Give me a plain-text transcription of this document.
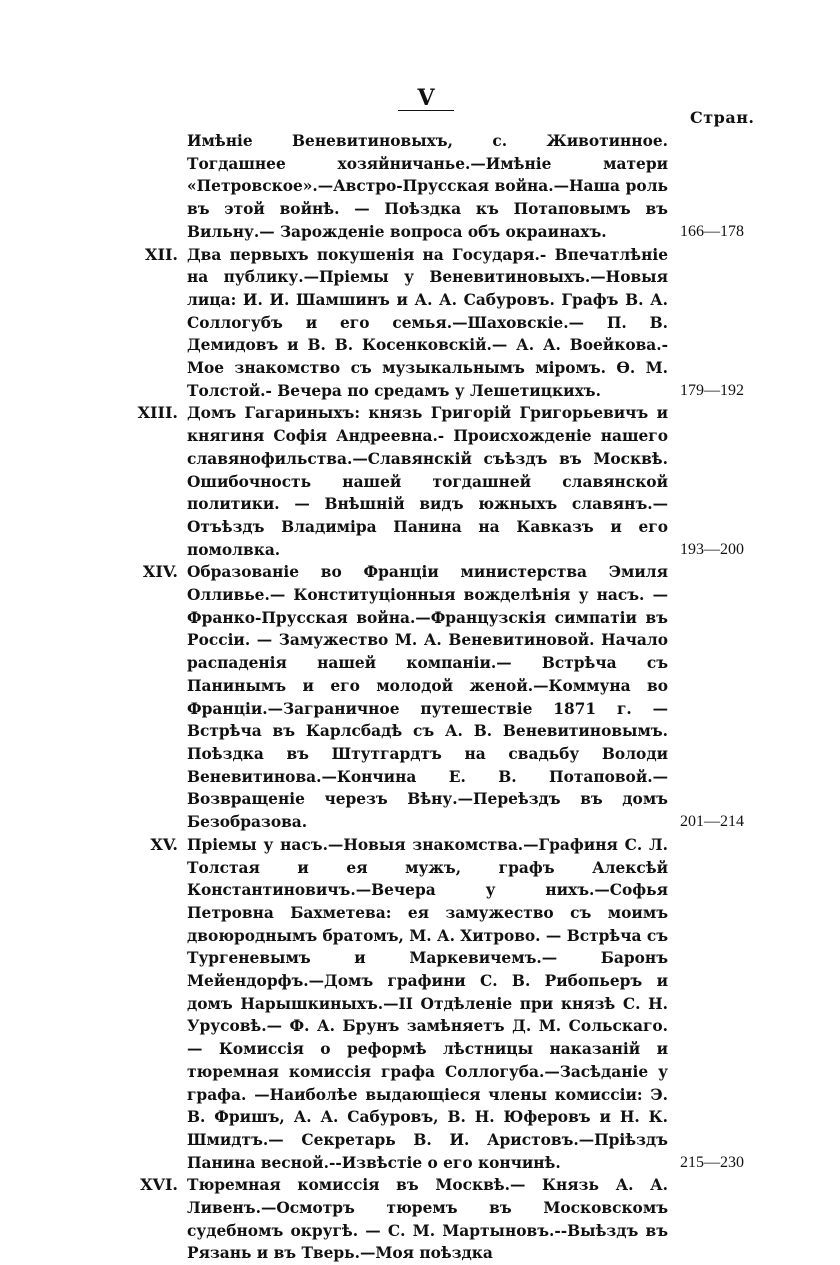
V
Стран.
Имѣніе Веневитиновыхъ, с. Животинное. Тогдашнее хозяйничанье.—Имѣніе матери «Петровское».—Австро-Прусская война.—Наша роль въ этой войнѣ. — Поѣздка къ Потаповымъ въ Вильну.— Зарожденіе вопроса объ окраинахъ.	166—178
XII. Два первыхъ покушенія на Государя.- Впечатлѣніе на публику.—Пріемы у Веневитиновыхъ.—Новыя лица: И. И. Шамшинъ и А. А. Сабуровъ. Графъ В. А. Соллогубъ и его семья.—Шаховскіе.— П. В. Демидовъ и В. В. Косенковскій.— А. А. Воейкова.- Мое знакомство съ музыкальнымъ міромъ. Ѳ. М. Толстой.- Вечера по средамъ у Лешетицкихъ.	179—192
XIII. Домъ Гагариныхъ: князь Григорій Григорьевичъ и княгиня Софія Андреевна.- Происхожденіе нашего славянофильства.—Славянскій съѣздъ въ Москвѣ. Ошибочность нашей тогдашней славянской политики. — Внѣшній видъ южныхъ славянъ.—Отъѣздъ Владиміра Панина на Кавказъ и его помолвка.	193—200
XIV. Образованіе во Франціи министерства Эмиля Олливье.— Конституціонныя вожделѣнія у насъ. — Франко-Прусская война.—Французскія симпатіи въ Россіи. — Замужество М. А. Веневитиновой. Начало распаденія нашей компаніи.— Встрѣча съ Панинымъ и его молодой женой.—Коммуна во Франціи.—Заграничное путешествіе 1871 г. —Встрѣча въ Карлсбадѣ съ А. В. Веневитиновымъ. Поѣздка въ Штутгардтъ на свадьбу Володи Веневитинова.—Кончина Е. В. Потаповой.—Возвращеніе черезъ Вѣну.—Переѣздъ въ домъ Безобразова.	201—214
XV. Пріемы у насъ.—Новыя знакомства.—Графиня С. Л. Толстая и ея мужъ, графъ Алексѣй Константиновичъ.—Вечера у нихъ.—Софья Петровна Бахметева: ея замужество съ моимъ двоюроднымъ братомъ, М. А. Хитрово. — Встрѣча съ Тургеневымъ и Маркевичемъ.— Баронъ Мейендорфъ.—Домъ графини С. В. Рибопьеръ и домъ Нарышкиныхъ.—II Отдѣленіе при князѣ С. Н. Урусовѣ.— Ф. А. Брунъ замѣняетъ Д. М. Сольскаго.— Комиссія о реформѣ лѣстницы наказаній и тюремная комиссія графа Соллогуба.—Засѣданіе у графа. —Наиболѣе выдающіеся члены комиссіи: Э. В. Фришъ, А. А. Сабуровъ, В. Н. Юферовъ и Н. К. Шмидтъ.— Секретарь В. И. Аристовъ.—Пріѣздъ Панина весной.--Извѣстіе о его кончинѣ.	215—230
XVI. Тюремная комиссія въ Москвѣ.— Князь А. А. Ливенъ.—Осмотръ тюремъ въ Московскомъ судебномъ округѣ. — С. М. Мартыновъ.--Выѣздъ въ Рязань и въ Тверь.—Моя поѣздка
